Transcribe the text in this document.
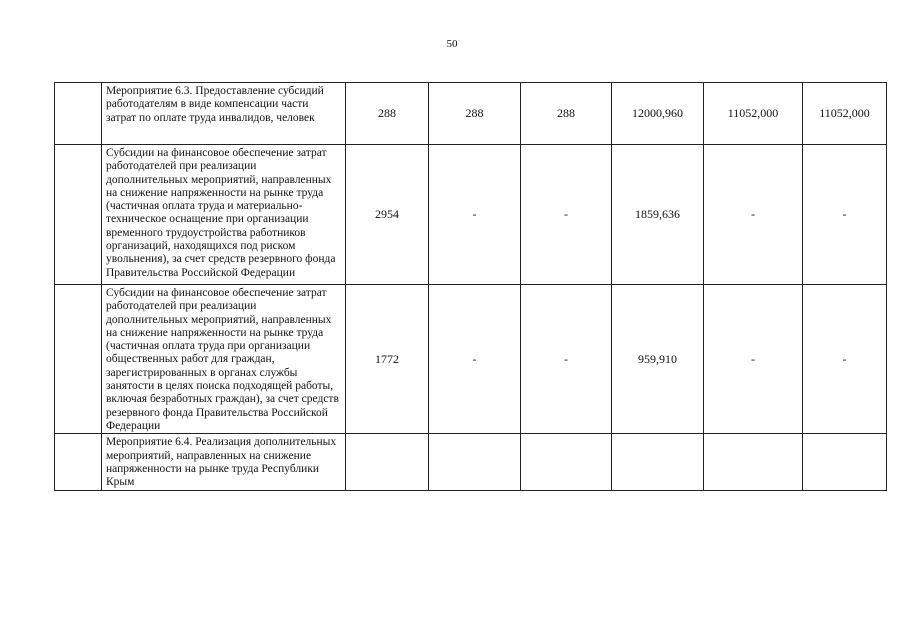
50
	Мероприятие 6.3. Предоставление субсидий работодателям в виде компенсации части затрат по оплате труда инвалидов, человек	288	288	288	12000,960	11052,000	11052,000
	Субсидии на финансовое обеспечение затрат работодателей при реализации дополнительных мероприятий, направленных на снижение напряженности на рынке труда (частичная оплата труда и материально-техническое оснащение при организации временного трудоустройства работников организаций, находящихся под риском увольнения), за счет средств резервного фонда Правительства Российской Федерации	2954	-	-	1859,636	-	-
	Субсидии на финансовое обеспечение затрат работодателей при реализации дополнительных мероприятий, направленных на снижение напряженности на рынке труда (частичная оплата труда при организации общественных работ для граждан, зарегистрированных в органах службы занятости в целях поиска подходящей работы, включая безработных граждан), за счет средств резервного фонда Правительства Российской Федерации	1772	-	-	959,910	-	-
	Мероприятие 6.4. Реализация дополнительных мероприятий, направленных на снижение напряженности на рынке труда Республики Крым						
